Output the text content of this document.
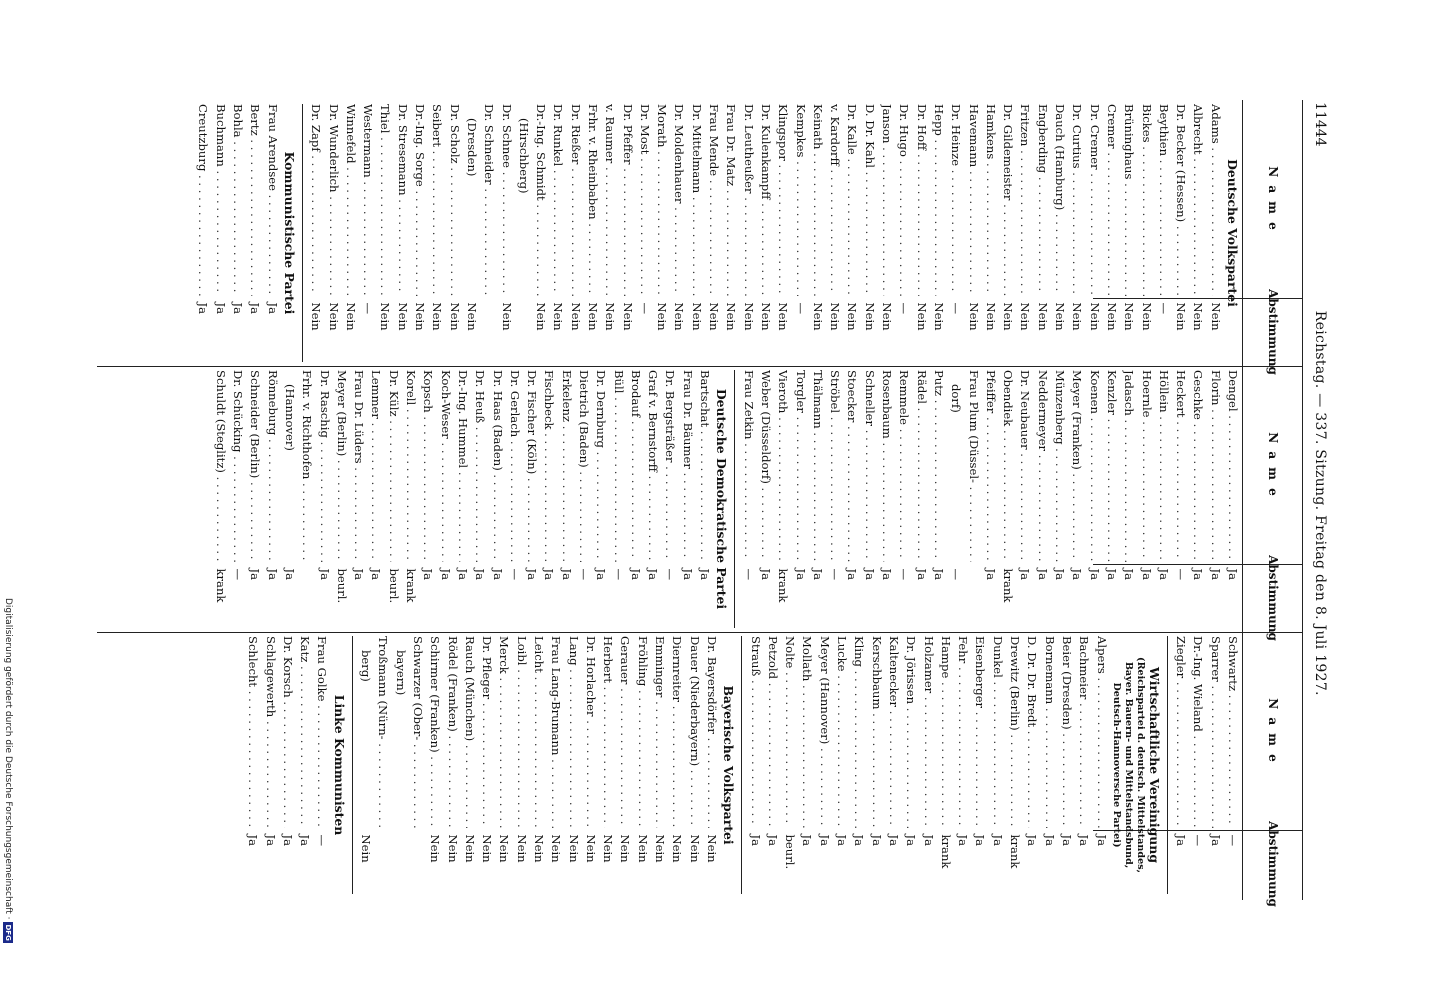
11444
Reichstag. — 337. Sitzung. Freitag den 8. Juli 1927.
N a m e
Abstimmung
N a m e
Abstimmung
N a m e
Abstimmung
Deutsche Volkspartei
Adams . . .
Nein
Albrecht . . .
Nein
Dr. Becker (Hessen) . . .
Nein
Beythien . . .
—
Bickes . . .
Nein
Brüninghaus . . .
Nein
Cremer . . .
Nein
Dr. Cremer . . .
Nein
Dr. Curtius . . .
Nein
Dauch (Hamburg) . . .
Nein
Engberding . . .
Nein
Fritzen . . .
Nein
Dr. Gildemeister . . .
Nein
Hamkens . . .
Nein
Havemann . . .
Nein
Dr. Heinze . . .
—
Hepp . . .
Nein
Dr. Hoff . . .
Nein
Dr. Hugo . . .
—
Janson . . .
Nein
D. Dr. Kahl . . .
Nein
Dr. Kalle . . .
Nein
v. Kardorff . . .
Nein
Keinath . . .
Nein
Kempkes . . .
—
Klingspor . . .
Nein
Dr. Kulenkampff . . .
Nein
Dr. Leutheußer . . .
Nein
Frau Dr. Matz . . .
Nein
Frau Mende . . .
Nein
Dr. Mittelmann . . .
Nein
Dr. Moldenhauer . . .
Nein
Morath . . .
Nein
Dr. Most . . .
—
Dr. Pfeffer . . .
Nein
v. Raumer . . .
Nein
Frhr. v. Rheinbaben . . .
Nein
Dr. Rießer . . .
Nein
Dr. Runkel . . .
Nein
Dr.-Ing. Schmidt . . .
Nein
(Hirschberg)
Dr. Schnee . . .
Nein
Dr. Schneider . . .
(Dresden)
Nein
Dr. Scholz . . .
Nein
Seibert . . .
Nein
Dr.-Ing. Sorge . . .
Nein
Dr. Stresemann . . .
Nein
Thiel . . .
Nein
Westermann . . .
—
Winnefeld . . .
Nein
Dr. Wunderlich . . .
Nein
Dr. Zapf . . .
Nein
Kommunistische Partei
Frau Arendsee . . .
Ja
Bertz . . .
Ja
Bohla . . .
Ja
Buchmann . . .
Ja
Creutzburg . . .
Ja
Dengel . . .
Ja
Florin . . .
Ja
Geschke . . .
Ja
Heckert . . .
—
Höllein . . .
Ja
Hoernle . . .
Ja
Jadasch . . .
Ja
Kenzler . . .
Ja
Koenen . . .
Ja
Meyer (Franken) . . .
Ja
Münzenberg . . .
Ja
Neddermeyer . . .
Ja
Dr. Neubauer . . .
Ja
Obendiek . . .
krank
Pfeiffer . . .
Ja
Frau Plum (Düssel- . . .
dorf)
—
Putz . . .
Ja
Rädel . . .
Ja
Remmele . . .
—
Rosenbaum . . .
Ja
Schneller . . .
Ja
Stoecker . . .
Ja
Ströbel . . .
—
Thälmann . . .
Ja
Torgler . . .
Ja
Vieroth . . .
krank
Weber (Düsseldorf) . . .
Ja
Frau Zetkin . . .
—
Deutsche Demokratische Partei
Bartschat . . .
Ja
Frau Dr. Bäumer . . .
Ja
Dr. Bergsträßer . . .
—
Graf v. Bernstorff . . .
Ja
Brodauf . . .
Ja
Büll . . .
—
Dr. Dernburg . . .
Ja
Dietrich (Baden) . . .
—
Erkelenz . . .
Ja
Fischbeck . . .
Ja
Dr. Fischer (Köln) . . .
Ja
Dr. Gerlach . . .
—
Dr. Haas (Baden) . . .
Ja
Dr. Heuß . . .
Ja
Dr.-Ing. Hummel . . .
Ja
Koch-Weser . . .
Ja
Kopsch . . .
Ja
Korell . . .
krank
Dr. Külz . . .
beurl.
Lemmer . . .
Ja
Frau Dr. Lüders . . .
Ja
Meyer (Berlin) . . .
beurl.
Dr. Raschig . . .
Ja
Frhr. v. Richthofen . . .
(Hannover)
Ja
Rönneburg . . .
Ja
Schneider (Berlin) . . .
Ja
Dr. Schücking . . .
—
Schuldt (Steglitz) . . .
krank
Schwartz . . .
—
Sparrer . . .
Ja
Dr.-Ing. Wieland . . .
—
Ziegler . . .
Ja
Wirtschaftliche Vereinigung
(Reichspartei d. deutsch. Mittelstandes,
Bayer. Bauern- und Mittelstandsbund,
Deutsch-Hannoversche Partei)
Alpers . . .
Ja
Bachmeier . . .
Ja
Beier (Dresden) . . .
Ja
Bornemann . . .
Ja
D. Dr. Dr. Bredt . . .
Ja
Drewitz (Berlin) . . .
krank
Dunkel . . .
Ja
Eisenberger . . .
Ja
Fehr . . .
Ja
Hampe . . .
krank
Holzamer . . .
Ja
Dr. Jörissen . . .
Ja
Kaltenecker . . .
Ja
Kerschbaum . . .
Ja
Kling . . .
Ja
Lucke . . .
Ja
Meyer (Hannover) . . .
Ja
Mollath . . .
Ja
Nolte . . .
beurl.
Petzold . . .
Ja
Strauß . . .
Ja
Bayerische Volkspartei
Dr. Bayersdörfer . . .
Nein
Dauer (Niederbayern) . . .
Nein
Diernreiter . . .
Nein
Emminger . . .
Nein
Fröhling . . .
Nein
Gerauer . . .
Nein
Herbert . . .
Nein
Dr. Horlacher . . .
Nein
Lang . . .
Nein
Frau Lang-Brumann . . .
Nein
Leicht . . .
Nein
Loibl . . .
Nein
Merck . . .
Nein
Dr. Pfleger . . .
Nein
Rauch (München) . . .
Nein
Rödel (Franken) . . .
Nein
Schirmer (Franken) . . .
Nein
Schwarzer (Ober- . . .
bayern)
Troßmann (Nürn- . . .
berg)
Nein
Linke Kommunisten
Frau Golke . . .
—
Katz . . .
Ja
Dr. Korsch . . .
Ja
Schlagewerth . . .
Ja
Schlecht . . .
Ja
Digitalisierung gefördert durch die Deutsche Forschungsgemeinschaft ·
DFG
